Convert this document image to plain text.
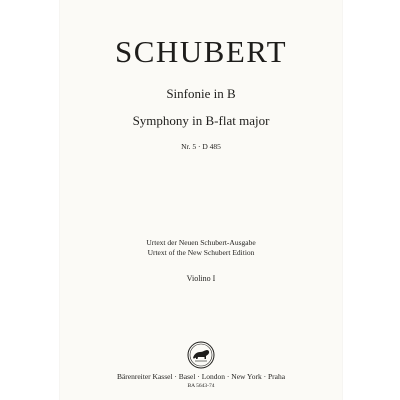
SCHUBERT
Sinfonie in B
Symphony in B-flat major
Nr. 5 · D 485
Urtext der Neuen Schubert-Ausgabe
Urtext of the New Schubert Edition
Violino I
Bärenreiter Kassel · Basel · London · New York · Praha
BA 5643-74
